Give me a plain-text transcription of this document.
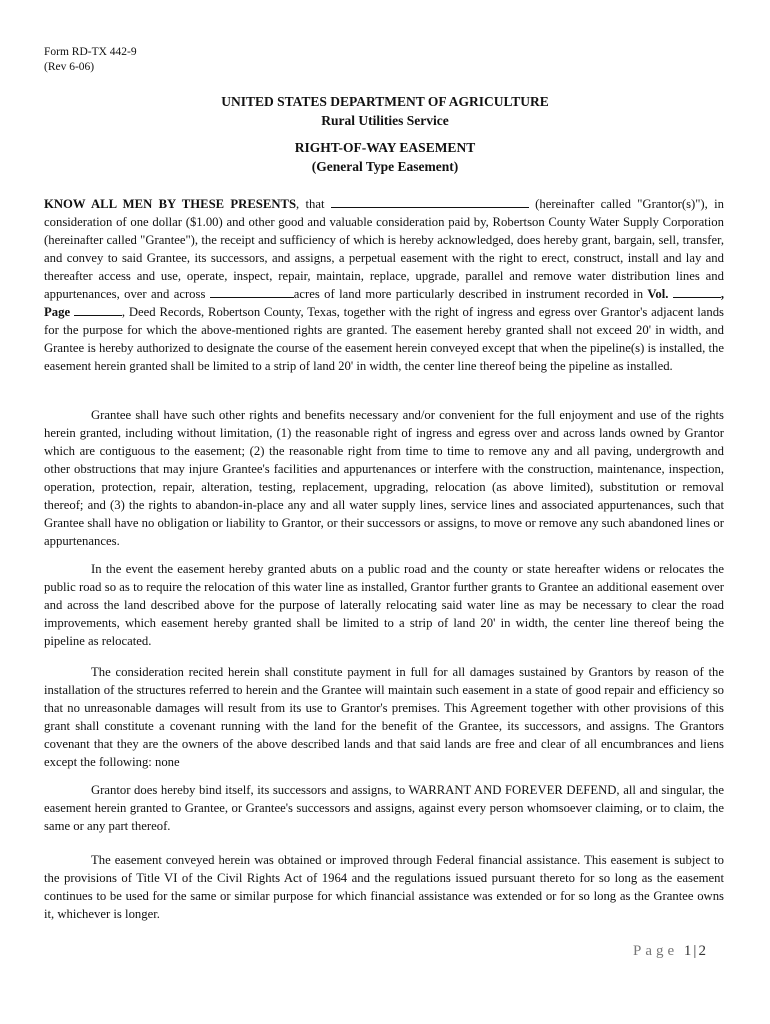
Form RD-TX 442-9
(Rev 6-06)
UNITED STATES DEPARTMENT OF AGRICULTURE
Rural Utilities Service
RIGHT-OF-WAY EASEMENT
(General Type Easement)

KNOW ALL MEN BY THESE PRESENTS, that	(hereinafter called "Grantor(s)"), in consideration of one dollar ($1.00) and other good and valuable consideration paid by, Robertson County Water Supply Corporation (hereinafter called "Grantee"), the receipt and sufficiency of which is hereby acknowledged, does hereby grant, bargain, sell, transfer, and convey to said Grantee, its successors, and assigns, a perpetual easement with the right to erect, construct, install and lay and thereafter access and use, operate, inspect, repair, maintain, replace, upgrade, parallel and remove water distribution lines and appurtenances, over and across	acres of land more particularly described in instrument recorded in Vol.	, Page	, Deed Records, Robertson County, Texas, together with the right of ingress and egress over Grantor's adjacent lands for the purpose for which the above-mentioned rights are granted. The easement hereby granted shall not exceed 20' in width, and Grantee is hereby authorized to designate the course of the easement herein conveyed except that when the pipeline(s) is installed, the easement herein granted shall be limited to a strip of land 20' in width, the center line thereof being the pipeline as installed.

Grantee shall have such other rights and benefits necessary and/or convenient for the full enjoyment and use of the rights herein granted, including without limitation, (1) the reasonable right of ingress and egress over and across lands owned by Grantor which are contiguous to the easement; (2) the reasonable right from time to time to remove any and all paving, undergrowth and other obstructions that may injure Grantee's facilities and appurtenances or interfere with the construction, maintenance, inspection, operation, protection, repair, alteration, testing, replacement, upgrading, relocation (as above limited), substitution or removal thereof; and (3) the rights to abandon-in-place any and all water supply lines, service lines and associated appurtenances, such that Grantee shall have no obligation or liability to Grantor, or their successors or assigns, to move or remove any such abandoned lines or appurtenances.

In the event the easement hereby granted abuts on a public road and the county or state hereafter widens or relocates the public road so as to require the relocation of this water line as installed, Grantor further grants to Grantee an additional easement over and across the land described above for the purpose of laterally relocating said water line as may be necessary to clear the road improvements, which easement hereby granted shall be limited to a strip of land 20' in width, the center line thereof being the pipeline as relocated.

The consideration recited herein shall constitute payment in full for all damages sustained by Grantors by reason of the installation of the structures referred to herein and the Grantee will maintain such easement in a state of good repair and efficiency so that no unreasonable damages will result from its use to Grantor's premises. This Agreement together with other provisions of this grant shall constitute a covenant running with the land for the benefit of the Grantee, its successors, and assigns. The Grantors covenant that they are the owners of the above described lands and that said lands are free and clear of all encumbrances and liens except the following: none

Grantor does hereby bind itself, its successors and assigns, to WARRANT AND FOREVER DEFEND, all and singular, the easement herein granted to Grantee, or Grantee's successors and assigns, against every person whomsoever claiming, or to claim, the same or any part thereof.

The easement conveyed herein was obtained or improved through Federal financial assistance. This easement is subject to the provisions of Title VI of the Civil Rights Act of 1964 and the regulations issued pursuant thereto for so long as the easement continues to be used for the same or similar purpose for which financial assistance was extended or for so long as the Grantee owns it, whichever is longer.

Page 1|2
